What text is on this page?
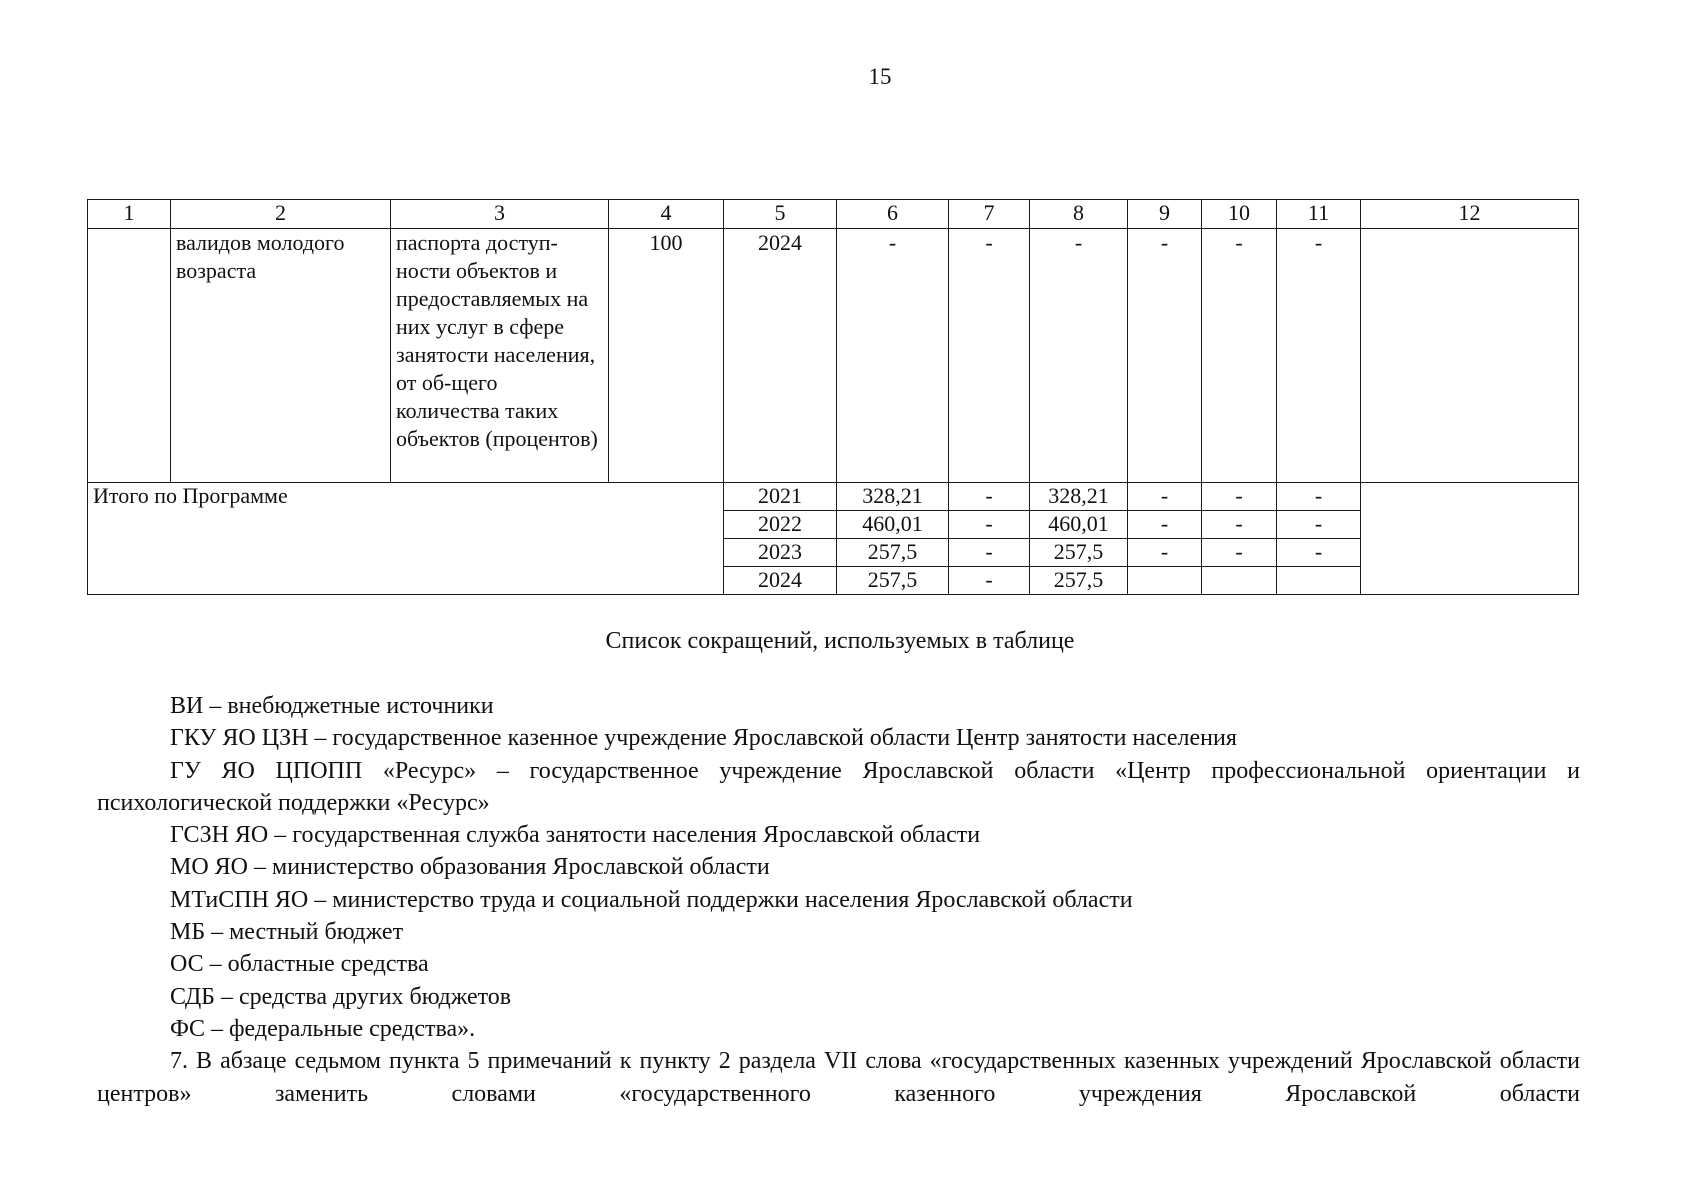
15
1	2	3	4	5	6	7	8	9	10	11	12
	валидов молодого возраста	паспорта доступ-ности объектов и предоставляемых на них услуг в сфере занятости населения, от об-щего количества таких объектов (процентов)	100	2024	-	-	-	-	-	-	
Итого по Программе				2021	328,21	-	328,21	-	-	-	
				2022	460,01	-	460,01	-	-	-	
				2023	257,5	-	257,5	-	-	-	
				2024	257,5	-	257,5				
Список сокращений, используемых в таблице

ВИ – внебюджетные источники

ГКУ ЯО ЦЗН – государственное казенное учреждение Ярославской области Центр занятости населения

ГУ ЯО ЦПОПП «Ресурс» – государственное учреждение Ярославской области «Центр профессиональной ориентации и психологической поддержки «Ресурс»

ГСЗН ЯО – государственная служба занятости населения Ярославской области

МО ЯО – министерство образования Ярославской области

МТиСПН ЯО – министерство труда и социальной поддержки населения Ярославской области

МБ – местный бюджет

ОС – областные средства

СДБ – средства других бюджетов

ФС – федеральные средства».

7. В абзаце седьмом пункта 5 примечаний к пункту 2 раздела VII слова «государственных казенных учреждений Ярославской области центров» заменить словами «государственного казенного учреждения Ярославской области
